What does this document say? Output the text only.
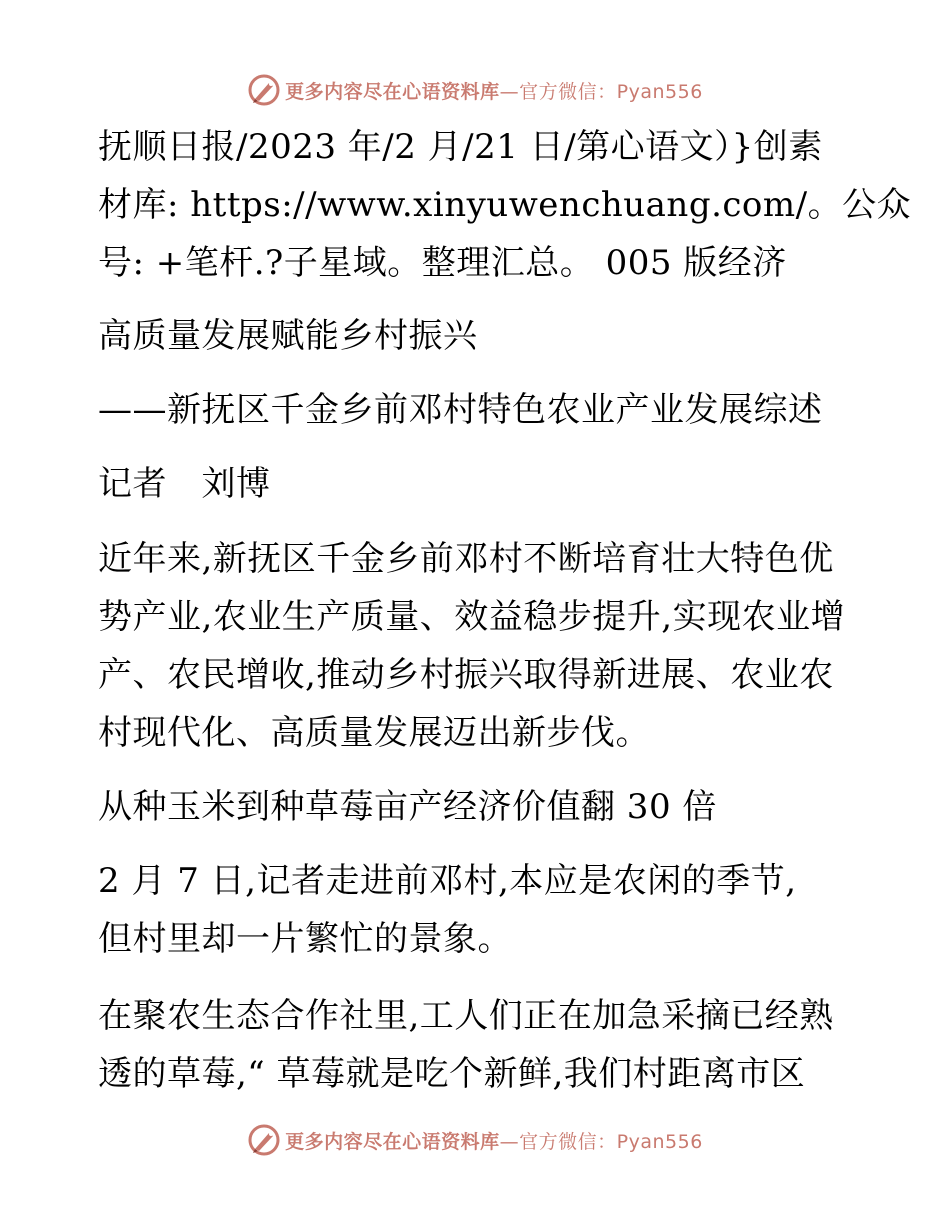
更多内容尽在心语资料库—官方微信：Pyan556
抚顺日报/2023 年/2 月/21 日/第心语文）}创素
材库: https://www.xinyuwenchuang.com/。公众
号: +笔杆.?子星域。整理汇总。 005 版经济
高质量发展赋能乡村振兴
——新抚区千金乡前邓村特色农业产业发展综述
记者　刘博
近年来,新抚区千金乡前邓村不断培育壮大特色优
势产业,农业生产质量、效益稳步提升,实现农业增
产、农民增收,推动乡村振兴取得新进展、农业农
村现代化、高质量发展迈出新步伐。
从种玉米到种草莓亩产经济价值翻 30 倍
2 月 7 日,记者走进前邓村,本应是农闲的季节,
但村里却一片繁忙的景象。
在聚农生态合作社里,工人们正在加急采摘已经熟
透的草莓,“ 草莓就是吃个新鲜,我们村距离市区
更多内容尽在心语资料库—官方微信：Pyan556
